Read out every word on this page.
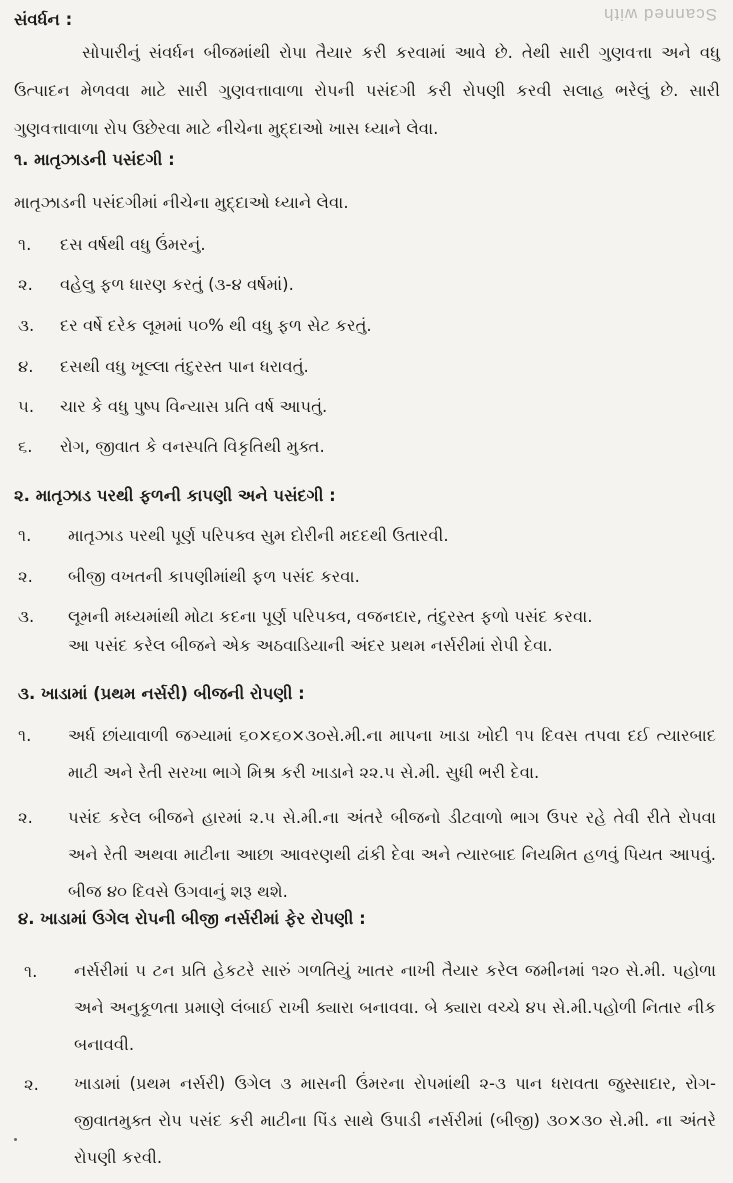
Scanned with
સંવર્ધન :
સોપારીનું સંવર્ધન બીજમાંથી રોપા તૈયાર કરી કરવામાં આવે છે. તેથી સારી ગુણવત્તા અને વધુ ઉત્પાદન મેળવવા માટે સારી ગુણવત્તાવાળા રોપની પસંદગી કરી રોપણી કરવી સલાહ ભરેલું છે. સારી ગુણવત્તાવાળા રોપ ઉછેરવા માટે નીચેના મુદ્દાઓ ખાસ ધ્યાને લેવા.
૧. માતૃઝાડની પસંદગી :
માતૃઝાડની પસંદગીમાં નીચેના મુદ્દાઓ ધ્યાને લેવા.
૧. દસ વર્ષથી વધુ ઉંમરનું.
૨. વહેલુ ફળ ધારણ કરતું (૩-૪ વર્ષમાં).
૩. દર વર્ષે દરેક લૂમમાં ૫૦% થી વધુ ફળ સેટ કરતું.
૪. દસથી વધુ ખૂલ્લા તંદુરસ્ત પાન ધરાવતું.
૫. ચાર કે વધુ પુષ્પ વિન્યાસ પ્રતિ વર્ષ આપતું.
૬. રોગ, જીવાત કે વનસ્પતિ વિકૃતિથી મુક્ત.
૨. માતૃઝાડ પરથી ફળની કાપણી અને પસંદગી :
૧. માતૃઝાડ પરથી પૂર્ણ પરિપક્વ સુમ દોરીની મદદથી ઉતારવી.
૨. બીજી વખતની કાપણીમાંથી ફળ પસંદ કરવા.
૩. લૂમની મધ્યમાંથી મોટા કદના પૂર્ણ પરિપક્વ, વજનદાર, તંદુરસ્ત ફળો પસંદ કરવા.
આ પસંદ કરેલ બીજને એક અઠવાડિયાની અંદર પ્રથમ નર્સરીમાં રોપી દેવા.
૩. ખાડામાં (પ્રથમ નર્સરી) બીજની રોપણી :
૧. અર્ધ છાંયાવાળી જગ્યામાં ૬૦×૬૦×૩૦સે.મી.ના માપના ખાડા ખોદી ૧૫ દિવસ તપવા દઈ ત્યારબાદ માટી અને રેતી સરખા ભાગે મિશ્ર કરી ખાડાને ૨૨.૫ સે.મી. સુધી ભરી દેવા.
૨. પસંદ કરેલ બીજને હારમાં ૨.૫ સે.મી.ના અંતરે બીજનો ડીટવાળો ભાગ ઉપર રહે તેવી રીતે રોપવા અને રેતી અથવા માટીના આછા આવરણથી ઢાંકી દેવા અને ત્યારબાદ નિયમિત હળવું પિયત આપવું. બીજ ૪૦ દિવસે ઉગવાનું શરૂ થશે.
૪. ખાડામાં ઉગેલ રોપની બીજી નર્સરીમાં ફેર રોપણી :
૧. નર્સરીમાં ૫ ટન પ્રતિ હેકટરે સારું ગળતિયું ખાતર નાખી તૈયાર કરેલ જમીનમાં ૧૨૦ સે.મી. પહોળા અને અનુકૂળતા પ્રમાણે લંબાઈ રાખી ક્યારા બનાવવા. બે ક્યારા વચ્ચે ૪૫ સે.મી.પહોળી નિતાર નીક બનાવવી.
૨. ખાડામાં (પ્રથમ નર્સરી) ઉગેલ ૩ માસની ઉંમરના રોપમાંથી ૨-૩ પાન ધરાવતા જુસ્સાદાર, રોગ-જીવાતમુક્ત રોપ પસંદ કરી માટીના પિંડ સાથે ઉપાડી નર્સરીમાં (બીજી) ૩૦×૩૦ સે.મી. ના અંતરે રોપણી કરવી.
